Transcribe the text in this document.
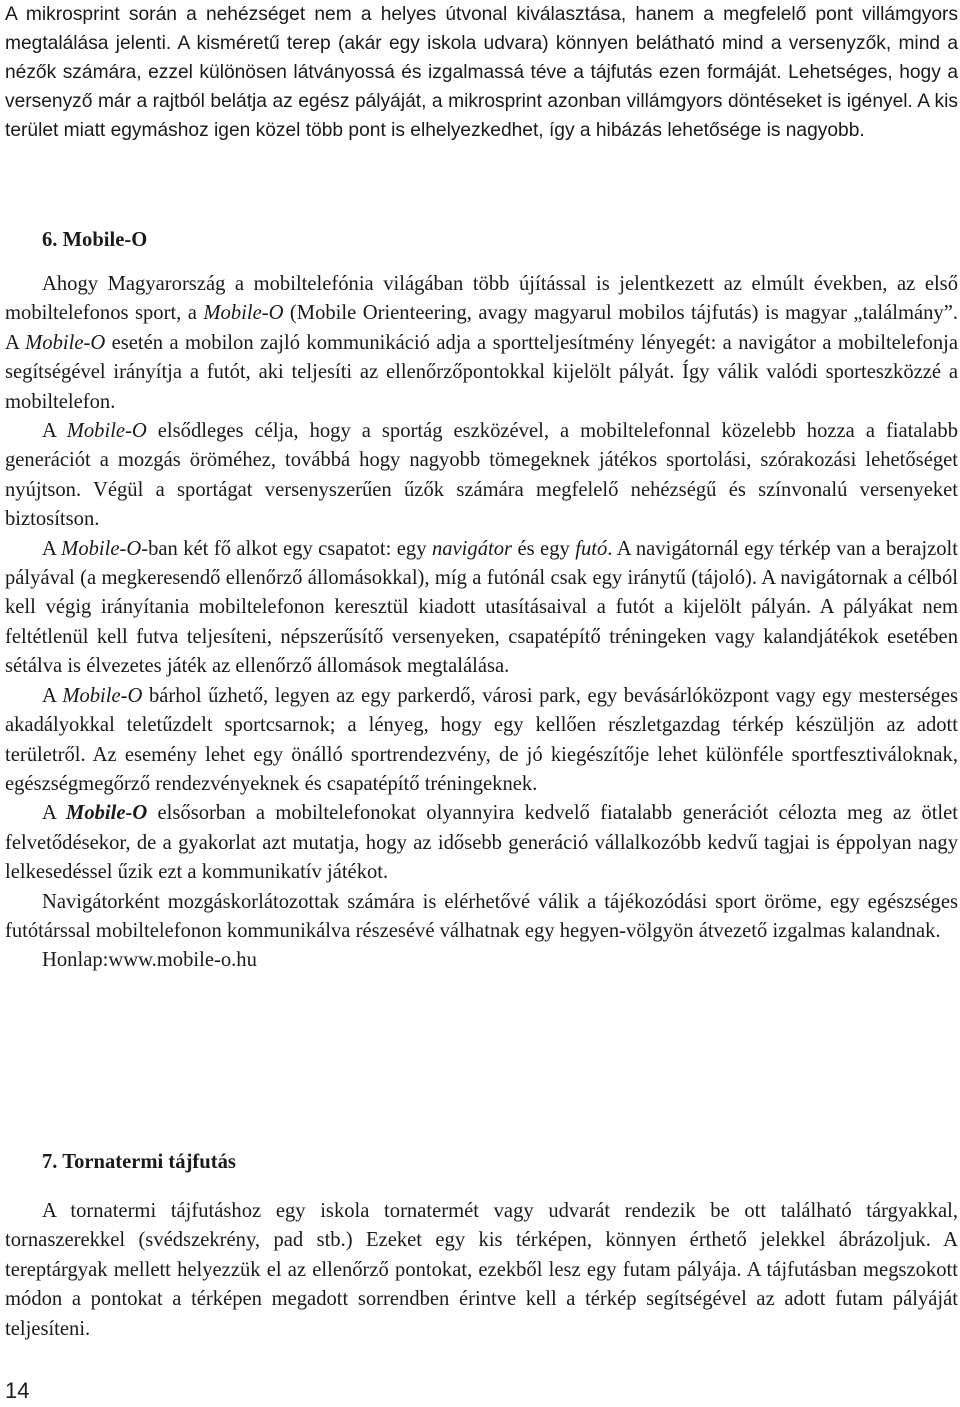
A mikrosprint során a nehézséget nem a helyes útvonal kiválasztása, hanem a megfelelő pont villámgyors megtalálása jelenti. A kisméretű terep (akár egy iskola udvara) könnyen belátható mind a versenyzők, mind a nézők számára, ezzel különösen látványossá és izgalmassá téve a tájfutás ezen formáját. Lehetséges, hogy a versenyző már a rajtból belátja az egész pályáját, a mikrosprint azonban villámgyors döntéseket is igényel. A kis terület miatt egymáshoz igen közel több pont is elhelyezkedhet, így a hibázás lehetősége is nagyobb.

6. Mobile-O

Ahogy Magyarország a mobiltelefónia világában több újítással is jelentkezett az elmúlt években, az első mobiltelefonos sport, a Mobile-O (Mobile Orienteering, avagy magyarul mobilos tájfutás) is magyar „találmány”. A Mobile-O esetén a mobilon zajló kommunikáció adja a sportteljesítmény lényegét: a navigátor a mobiltelefonja segítségével irányítja a futót, aki teljesíti az ellenőrzőpontokkal kijelölt pályát. Így válik valódi sporteszközzé a mobiltelefon.

A Mobile-O elsődleges célja, hogy a sportág eszközével, a mobiltelefonnal közelebb hozza a fiatalabb generációt a mozgás öröméhez, továbbá hogy nagyobb tömegeknek játékos sportolási, szórakozási lehetőséget nyújtson. Végül a sportágat versenyszerűen űzők számára megfelelő nehézségű és színvonalú versenyeket biztosítson.

A Mobile-O-ban két fő alkot egy csapatot: egy navigátor és egy futó. A navigátornál egy térkép van a berajzolt pályával (a megkeresendő ellenőrző állomásokkal), míg a futónál csak egy iránytű (tájoló). A navigátornak a célból kell végig irányítania mobiltelefonon keresztül kiadott utasításaival a futót a kijelölt pályán. A pályákat nem feltétlenül kell futva teljesíteni, népszerűsítő versenyeken, csapatépítő tréningeken vagy kalandjátékok esetében sétálva is élvezetes játék az ellenőrző állomások megtalálása.

A Mobile-O bárhol űzhető, legyen az egy parkerdő, városi park, egy bevásárlóközpont vagy egy mesterséges akadályokkal teletűzdelt sportcsarnok; a lényeg, hogy egy kellően részletgazdag térkép készüljön az adott területről. Az esemény lehet egy önálló sportrendezvény, de jó kiegészítője lehet különféle sportfesztiváloknak, egészségmegőrző rendezvényeknek és csapatépítő tréningeknek.

A Mobile-O elsősorban a mobiltelefonokat olyannyira kedvelő fiatalabb generációt célozta meg az ötlet felvetődésekor, de a gyakorlat azt mutatja, hogy az idősebb generáció vállalkozóbb kedvű tagjai is éppolyan nagy lelkesedéssel űzik ezt a kommunikatív játékot.

Navigátorként mozgáskorlátozottak számára is elérhetővé válik a tájékozódási sport öröme, egy egészséges futótárssal mobiltelefonon kommunikálva részesévé válhatnak egy hegyen-völgyön átvezető izgalmas kalandnak.

Honlap:www.mobile-o.hu

7. Tornatermi tájfutás

A tornatermi tájfutáshoz egy iskola tornatermét vagy udvarát rendezik be ott található tárgyakkal, tornaszerekkel (svédszekrény, pad stb.) Ezeket egy kis térképen, könnyen érthető jelekkel ábrázoljuk. A tereptárgyak mellett helyezzük el az ellenőrző pontokat, ezekből lesz egy futam pályája. A tájfutásban megszokott módon a pontokat a térképen megadott sorrendben érintve kell a térkép segítségével az adott futam pályáját teljesíteni.

14
